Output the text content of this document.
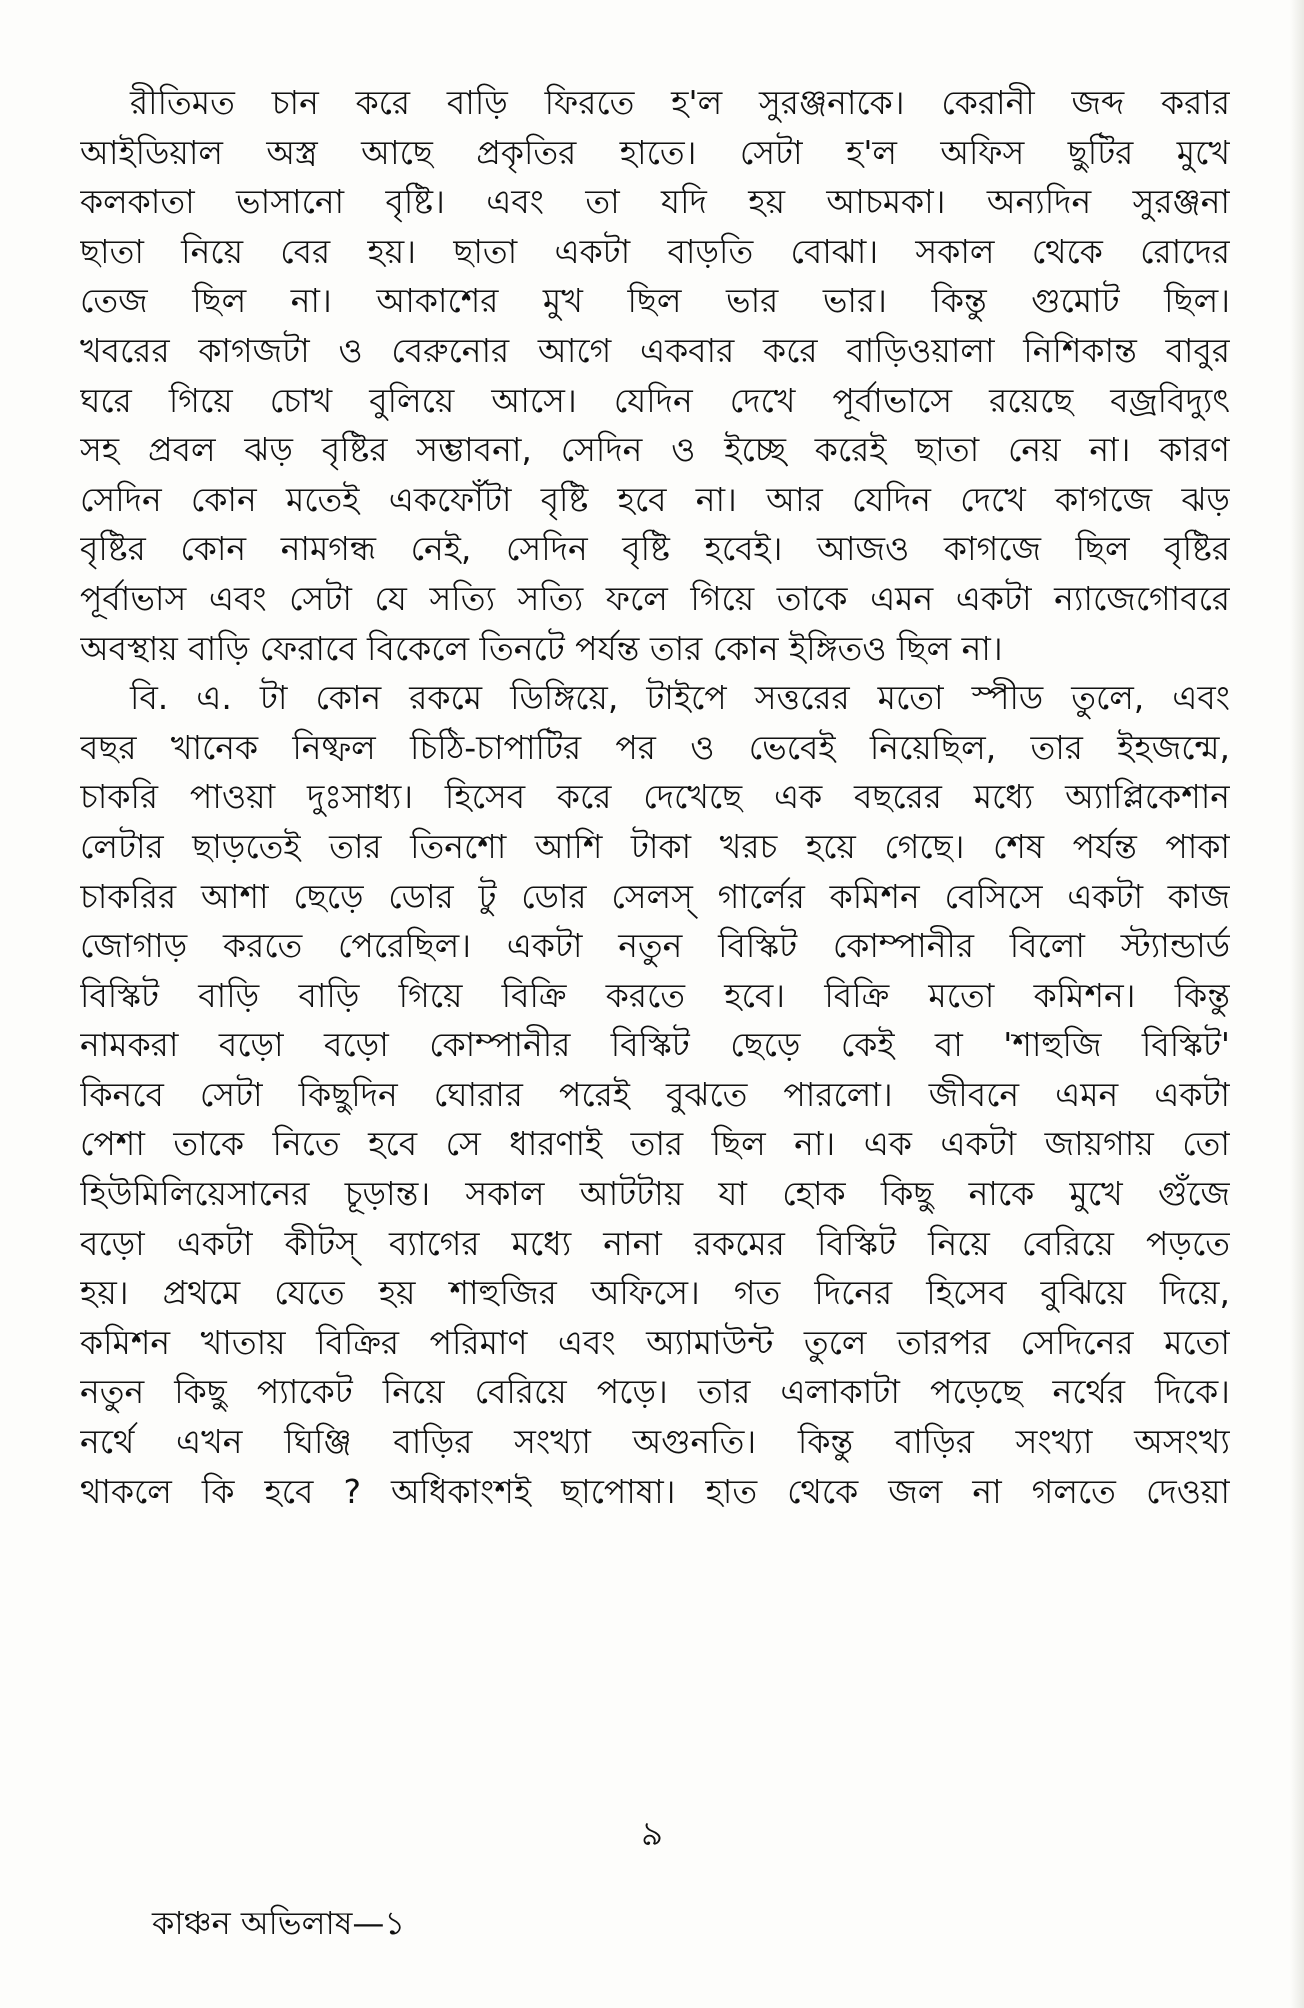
রীতিমত চান করে বাড়ি ফিরতে হ'ল সুরঞ্জনাকে। কেরানী জব্দ করার
আইডিয়াল অস্ত্র আছে প্রকৃতির হাতে। সেটা হ'ল অফিস ছুটির মুখে
কলকাতা ভাসানো বৃষ্টি। এবং তা যদি হয় আচমকা। অন্যদিন সুরঞ্জনা
ছাতা নিয়ে বের হয়। ছাতা একটা বাড়তি বোঝা। সকাল থেকে রোদের
তেজ ছিল না। আকাশের মুখ ছিল ভার ভার। কিন্তু গুমোট ছিল।
খবরের কাগজটা ও বেরুনোর আগে একবার করে বাড়িওয়ালা নিশিকান্ত বাবুর
ঘরে গিয়ে চোখ বুলিয়ে আসে। যেদিন দেখে পূর্বাভাসে রয়েছে বজ্রবিদ্যুৎ
সহ প্রবল ঝড় বৃষ্টির সম্ভাবনা, সেদিন ও ইচ্ছে করেই ছাতা নেয় না। কারণ
সেদিন কোন মতেই একফোঁটা বৃষ্টি হবে না। আর যেদিন দেখে কাগজে ঝড়
বৃষ্টির কোন নামগন্ধ নেই, সেদিন বৃষ্টি হবেই। আজও কাগজে ছিল বৃষ্টির
পূর্বাভাস এবং সেটা যে সত্যি সত্যি ফলে গিয়ে তাকে এমন একটা ন্যাজেগোবরে
অবস্থায় বাড়ি ফেরাবে বিকেলে তিনটে পর্যন্ত তার কোন ইঙ্গিতও ছিল না।
বি. এ. টা কোন রকমে ডিঙ্গিয়ে, টাইপে সত্তরের মতো স্পীড তুলে, এবং
বছর খানেক নিষ্ফল চিঠি-চাপাটির পর ও ভেবেই নিয়েছিল, তার ইহজন্মে,
চাকরি পাওয়া দুঃসাধ্য। হিসেব করে দেখেছে এক বছরের মধ্যে অ্যাপ্লিকেশান
লেটার ছাড়তেই তার তিনশো আশি টাকা খরচ হয়ে গেছে। শেষ পর্যন্ত পাকা
চাকরির আশা ছেড়ে ডোর টু ডোর সেলস্ গার্লের কমিশন বেসিসে একটা কাজ
জোগাড় করতে পেরেছিল। একটা নতুন বিস্কিট কোম্পানীর বিলো স্ট্যান্ডার্ড
বিস্কিট বাড়ি বাড়ি গিয়ে বিক্রি করতে হবে। বিক্রি মতো কমিশন। কিন্তু
নামকরা বড়ো বড়ো কোম্পানীর বিস্কিট ছেড়ে কেই বা 'শাহুজি বিস্কিট'
কিনবে সেটা কিছুদিন ঘোরার পরেই বুঝতে পারলো। জীবনে এমন একটা
পেশা তাকে নিতে হবে সে ধারণাই তার ছিল না। এক একটা জায়গায় তো
হিউমিলিয়েসানের চূড়ান্ত। সকাল আটটায় যা হোক কিছু নাকে মুখে গুঁজে
বড়ো একটা কীটস্ ব্যাগের মধ্যে নানা রকমের বিস্কিট নিয়ে বেরিয়ে পড়তে
হয়। প্রথমে যেতে হয় শাহুজির অফিসে। গত দিনের হিসেব বুঝিয়ে দিয়ে,
কমিশন খাতায় বিক্রির পরিমাণ এবং অ্যামাউন্ট তুলে তারপর সেদিনের মতো
নতুন কিছু প্যাকেট নিয়ে বেরিয়ে পড়ে। তার এলাকাটা পড়েছে নর্থের দিকে।
নর্থে এখন ঘিঞ্জি বাড়ির সংখ্যা অগুনতি। কিন্তু বাড়ির সংখ্যা অসংখ্য
থাকলে কি হবে ? অধিকাংশই ছাপোষা। হাত থেকে জল না গলতে দেওয়া
৯
কাঞ্চন অভিলাষ—১
